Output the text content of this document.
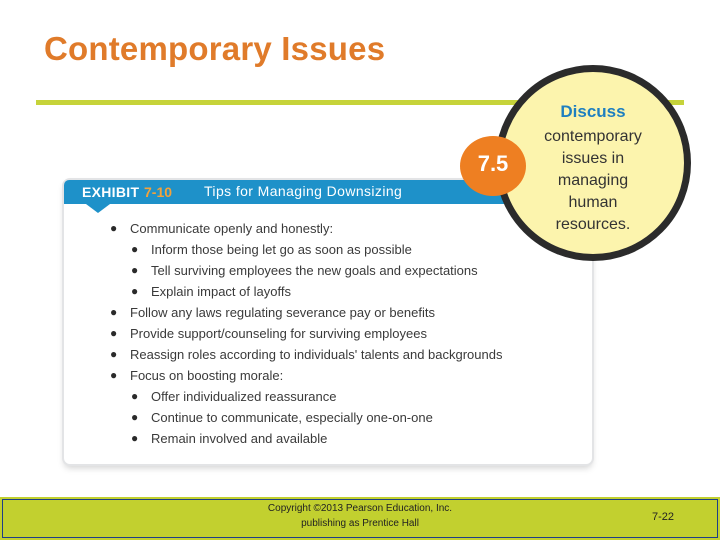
Contemporary Issues
EXHIBIT 7-10 Tips for Managing Downsizing
● Communicate openly and honestly:
● Inform those being let go as soon as possible
● Tell surviving employees the new goals and expectations
● Explain impact of layoffs
● Follow any laws regulating severance pay or benefits
● Provide support/counseling for surviving employees
● Reassign roles according to individuals' talents and backgrounds
● Focus on boosting morale:
● Offer individualized reassurance
● Continue to communicate, especially one-on-one
● Remain involved and available
Discuss
contemporary
issues in
managing
human
resources.
7.5
Copyright ©2013 Pearson Education, Inc.
publishing as Prentice Hall
7-22
